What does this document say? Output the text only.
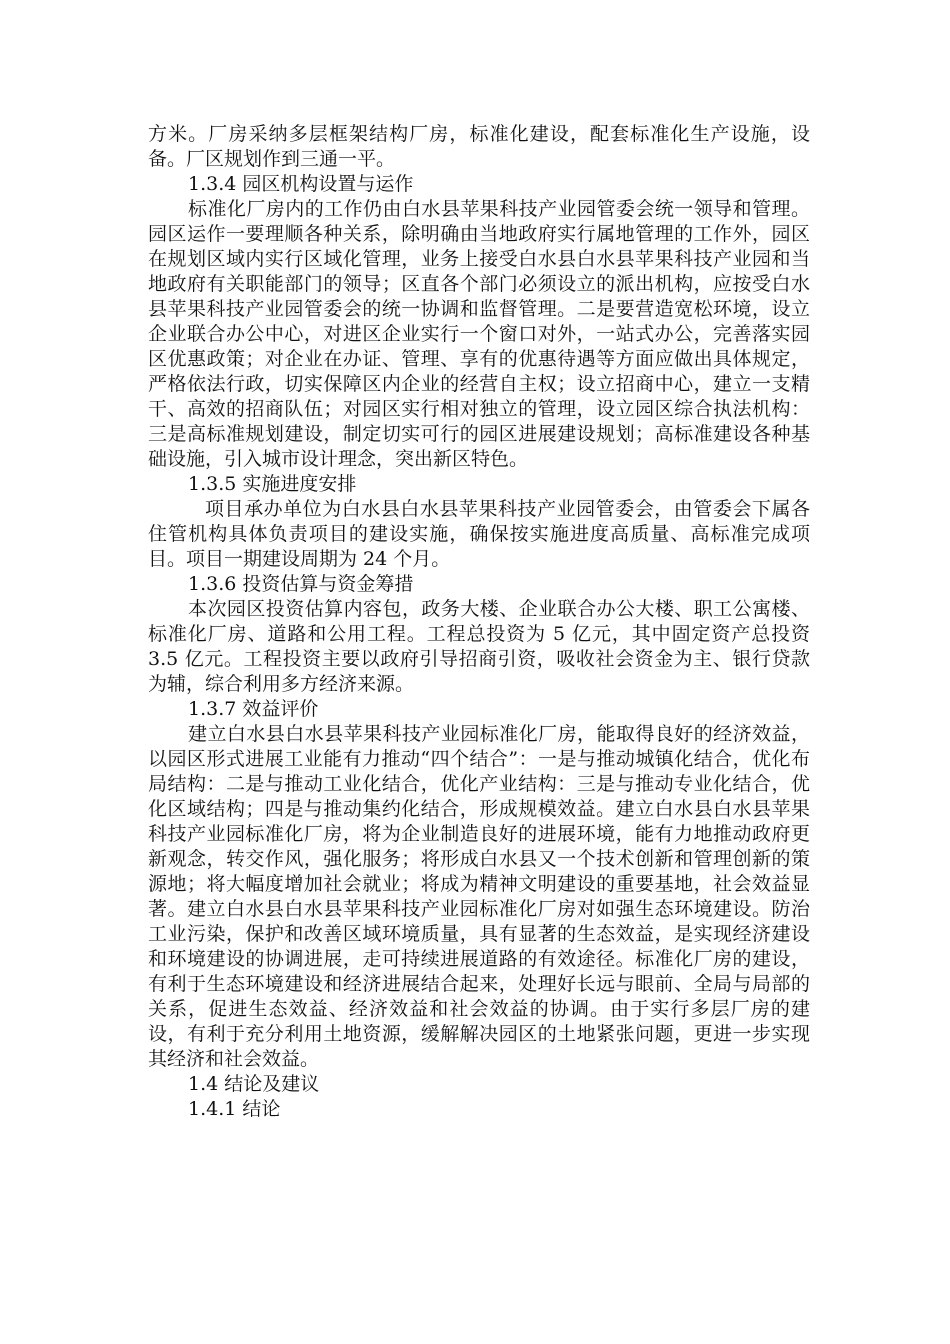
方米。厂房采纳多层框架结构厂房，标准化建设，配套标准化生产设施，设备。厂区规划作到三通一平。

1.3.4 园区机构设置与运作

标准化厂房内的工作仍由白水县苹果科技产业园管委会统一领导和管理。 园区运作一要理顺各种关系，除明确由当地政府实行属地管理的工作外，园区在规划区域内实行区域化管理，业务上接受白水县白水县苹果科技产业园和当地政府有关职能部门的领导；区直各个部门必须设立的派出机构，应按受白水县苹果科技产业园管委会的统一协调和监督管理。二是要营造宽松环境，设立企业联合办公中心，对进区企业实行一个窗口对外，一站式办公，完善落实园区优惠政策；对企业在办证、管理、享有的优惠待遇等方面应做出具体规定，严格依法行政，切实保障区内企业的经营自主权；设立招商中心，建立一支精干、高效的招商队伍；对园区实行相对独立的管理，设立园区综合执法机构：三是高标准规划建设，制定切实可行的园区进展建设规划；高标准建设各种基础设施，引入城市设计理念，突出新区特色。

1.3.5 实施进度安排

项目承办单位为白水县白水县苹果科技产业园管委会，由管委会下属各住管机构具体负责项目的建设实施，确保按实施进度高质量、高标准完成项目。项目一期建设周期为 24 个月。

1.3.6 投资估算与资金筹措

本次园区投资估算内容包，政务大楼、企业联合办公大楼、职工公寓楼、标准化厂房、道路和公用工程。工程总投资为 5 亿元，其中固定资产总投资 3.5 亿元。工程投资主要以政府引导招商引资，吸收社会资金为主、银行贷款为辅，综合利用多方经济来源。

1.3.7 效益评价

建立白水县白水县苹果科技产业园标准化厂房，能取得良好的经济效益，以园区形式进展工业能有力推动“四个结合”：一是与推动城镇化结合，优化布局结构：二是与推动工业化结合，优化产业结构：三是与推动专业化结合，优化区域结构；四是与推动集约化结合，形成规模效益。建立白水县白水县苹果科技产业园标准化厂房，将为企业制造良好的进展环境，能有力地推动政府更新观念，转交作风，强化服务；将形成白水县又一个技术创新和管理创新的策源地；将大幅度增加社会就业；将成为精神文明建设的重要基地，社会效益显著。建立白水县白水县苹果科技产业园标准化厂房对如强生态环境建设。防治工业污染，保护和改善区域环境质量，具有显著的生态效益，是实现经济建设和环境建设的协调进展，走可持续进展道路的有效途径。标准化厂房的建设，有利于生态环境建设和经济进展结合起来，处理好长远与眼前、全局与局部的关系，促进生态效益、经济效益和社会效益的协调。由于实行多层厂房的建设，有利于充分利用土地资源，缓解解决园区的土地紧张问题，更进一步实现其经济和社会效益。

1.4 结论及建议

1.4.1 结论
